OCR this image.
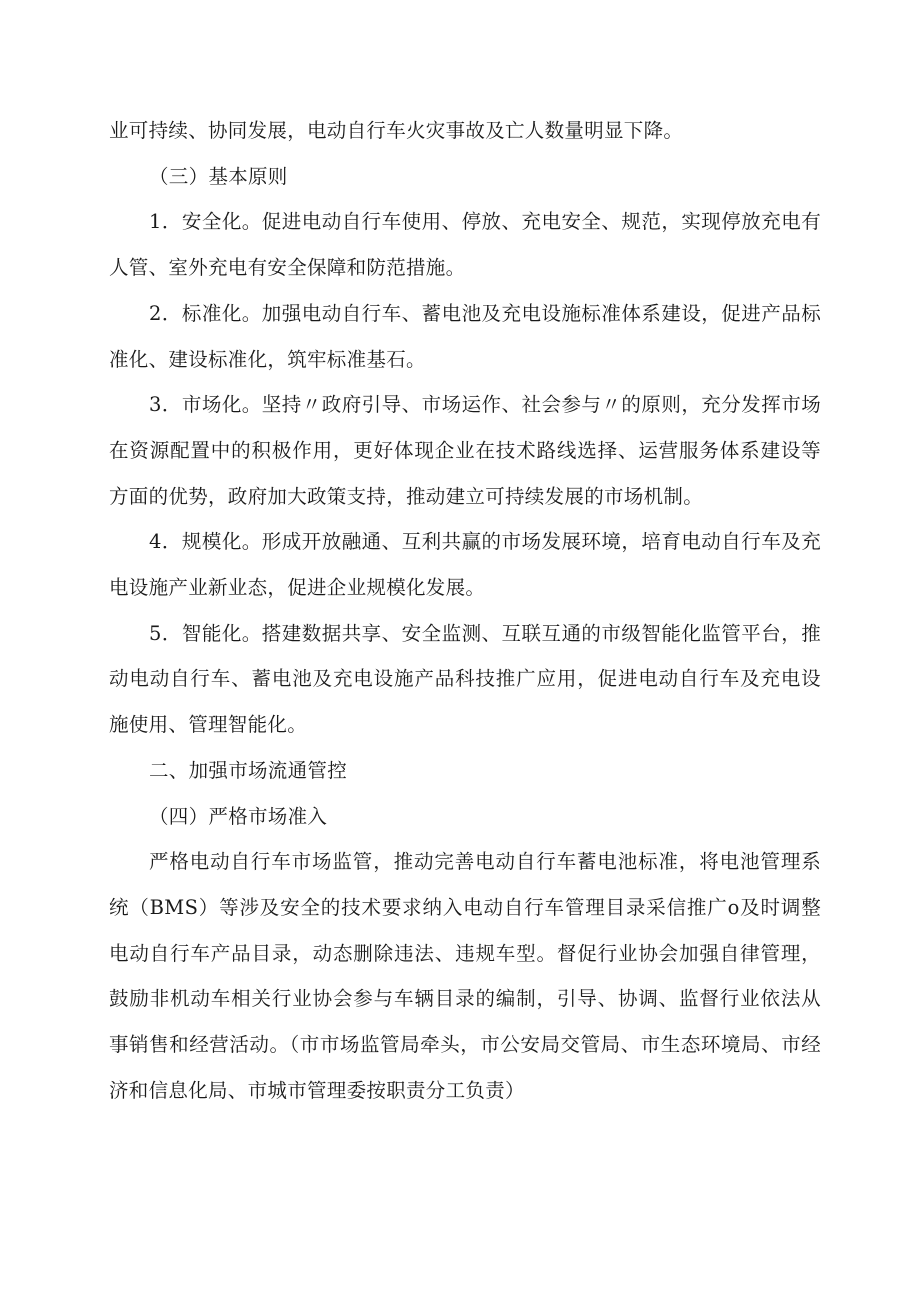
业可持续、协同发展，电动自行车火灾事故及亡人数量明显下降。

（三）基本原则

1．安全化。促进电动自行车使用、停放、充电安全、规范，实现停放充电有人管、室外充电有安全保障和防范措施。

2．标准化。加强电动自行车、蓄电池及充电设施标准体系建设，促进产品标准化、建设标准化，筑牢标准基石。

3．市场化。坚持〃政府引导、市场运作、社会参与〃的原则，充分发挥市场在资源配置中的积极作用，更好体现企业在技术路线选择、运营服务体系建设等方面的优势，政府加大政策支持，推动建立可持续发展的市场机制。

4．规模化。形成开放融通、互利共赢的市场发展环境，培育电动自行车及充电设施产业新业态，促进企业规模化发展。

5．智能化。搭建数据共享、安全监测、互联互通的市级智能化监管平台，推动电动自行车、蓄电池及充电设施产品科技推广应用，促进电动自行车及充电设施使用、管理智能化。

二、加强市场流通管控

（四）严格市场准入

严格电动自行车市场监管，推动完善电动自行车蓄电池标准，将电池管理系统（BMS）等涉及安全的技术要求纳入电动自行车管理目录采信推广o及时调整电动自行车产品目录，动态删除违法、违规车型。督促行业协会加强自律管理，鼓励非机动车相关行业协会参与车辆目录的编制，引导、协调、监督行业依法从事销售和经营活动。（市市场监管局牵头，市公安局交管局、市生态环境局、市经济和信息化局、市城市管理委按职责分工负责）
